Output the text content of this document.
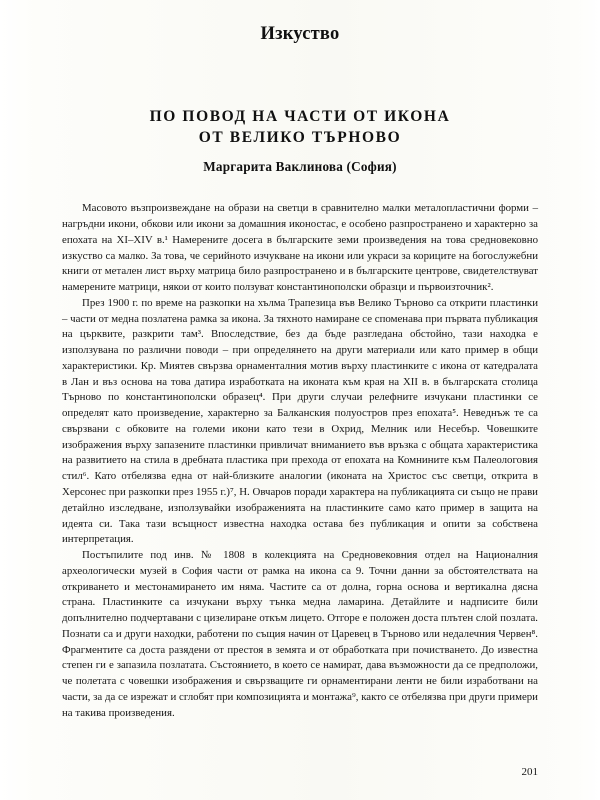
Изкуство
ПО ПОВОД НА ЧАСТИ ОТ ИКОНА
ОТ ВЕЛИКО ТЪРНОВО
Маргарита Ваклинова (София)

Масовото възпроизвеждане на образи на светци в сравнително малки металопластични форми – нагръдни икони, обкови или икони за домашния иконостас, е особено разпространено и характерно за епохата на XI–XIV в.¹ Намерените досега в българските земи произведения на това средновековно изкуство са малко. За това, че серийното изчукване на икони или украси за кориците на богослужебни книги от метален лист върху матрица било разпространено и в българските центрове, свидетелствуват намерените матрици, някои от които ползуват константинополски образци и първоизточник².

През 1900 г. по време на разкопки на хълма Трапезица във Велико Търново са открити пластинки – части от медна позлатена рамка за икона. За тяхното намиране се споменава при първата публикация на църквите, разкрити там³. Впоследствие, без да бъде разгледана обстойно, тази находка е използувана по различни поводи – при определянето на други материали или като пример в общи характеристики. Кр. Миятев свързва орнаменталния мотив върху пластинките с икона от катедралата в Лан и въз основа на това датира изработката на иконата към края на XII в. в българската столица Търново по константинополски образец⁴. При други случаи релефните изчукани пластинки се определят като произведение, характерно за Балканския полуостров през епохата⁵. Неведнъж те са свързвани с обковите на големи икони като тези в Охрид, Мелник или Несебър. Човешките изображения върху запазените пластинки привличат вниманието във връзка с общата характеристика на развитието на стила в дребната пластика при прехода от епохата на Комнините към Палеологовия стил⁶. Като отбелязва една от най-близките аналогии (иконата на Христос със светци, открита в Херсонес при разкопки през 1955 г.)⁷, Н. Овчаров поради характера на публикацията си също не прави детайлно изследване, използувайки изображенията на пластинките само като пример в защита на идеята си. Така тази всъщност известна находка остава без публикация и опити за собствена интерпретация.

Постъпилите под инв. № 1808 в колекцията на Средновековния отдел на Националния археологически музей в София части от рамка на икона са 9. Точни данни за обстоятелствата на откриването и местонамирането им няма. Частите са от долна, горна основа и вертикална дясна страна. Пластинките са изчукани върху тънка медна ламарина. Детайлите и надписите били допълнително подчертавани с цизелиране откъм лицето. Отгоре е положен доста плътен слой позлата. Познати са и други находки, работени по същия начин от Царевец в Търново или недалечния Червен⁸. Фрагментите са доста разядени от престоя в земята и от обработката при почистването. До известна степен ги е запазила позлатата. Състоянието, в което се намират, дава възможности да се предположи, че полетата с човешки изображения и свързващите ги орнаментирани ленти не били изработвани на части, за да се изрежат и сглобят при композицията и монтажа⁹, както се отбелязва при други примери на такива произведения.

201
